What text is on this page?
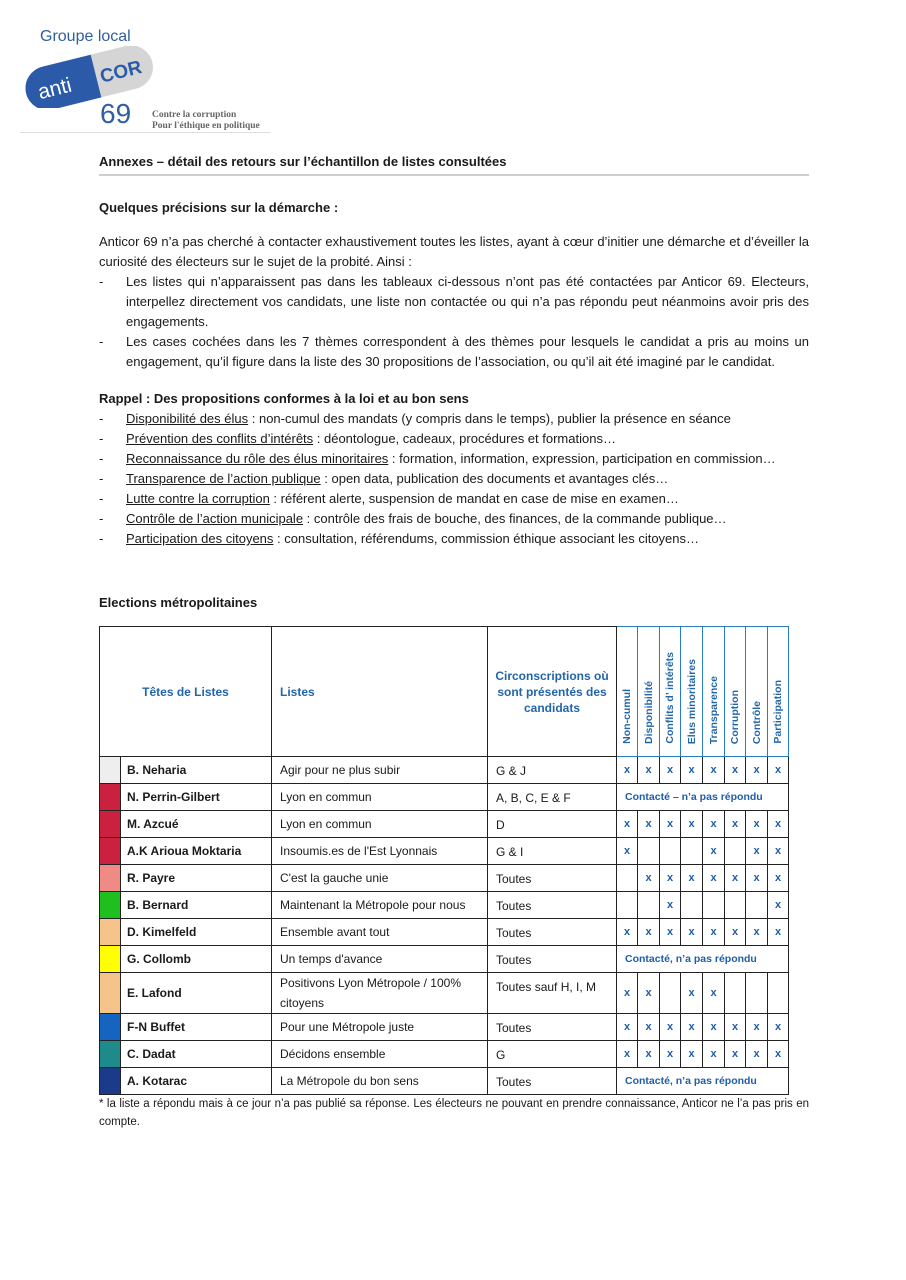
Groupe local
anti
COR
69 Contre la corruption
Pour l'éthique en politique
Annexes – détail des retours sur l’échantillon de listes consultées
Quelques précisions sur la démarche :

Anticor 69 n’a pas cherché à contacter exhaustivement toutes les listes, ayant à cœur d’initier une démarche et d’éveiller la curiosité des électeurs sur le sujet de la probité. Ainsi :

- Les listes qui n’apparaissent pas dans les tableaux ci-dessous n’ont pas été contactées par Anticor 69. Electeurs, interpellez directement vos candidats, une liste non contactée ou qui n’a pas répondu peut néanmoins avoir pris des engagements.
- Les cases cochées dans les 7 thèmes correspondent à des thèmes pour lesquels le candidat a pris au moins un engagement, qu’il figure dans la liste des 30 propositions de l’association, ou qu’il ait été imaginé par le candidat.
Rappel : Des propositions conformes à la loi et au bon sens
- Disponibilité des élus : non-cumul des mandats (y compris dans le temps), publier la présence en séance
- Prévention des conflits d’intérêts : déontologue, cadeaux, procédures et formations…
- Reconnaissance du rôle des élus minoritaires : formation, information, expression, participation en commission…
- Transparence de l’action publique : open data, publication des documents et avantages clés…
- Lutte contre la corruption : référent alerte, suspension de mandat en case de mise en examen…
- Contrôle de l’action municipale : contrôle des frais de bouche, des finances, de la commande publique…
- Participation des citoyens : consultation, référendums, commission éthique associant les citoyens…
Elections métropolitaines
Têtes de Listes		Listes	Circonscriptions où sont présentés des candidats	Non-cumul	Disponibilité	Conflits d’ intérêts	Elus minoritaires	Transparence	Corruption	Contrôle	Participation
	B. Neharia	Agir pour ne plus subir	G & J	x	x	x	x	x	x	x	x
	N. Perrin-Gilbert	Lyon en commun	A, B, C, E & F	Contacté – n’a pas répondu							
	M. Azcué	Lyon en commun	D	x	x	x	x	x	x	x	x
	A.K Arioua Moktaria	Insoumis.es de l'Est Lyonnais	G & I	x				x		x	x
	R. Payre	C'est la gauche unie	Toutes		x	x	x	x	x	x	x
	B. Bernard	Maintenant la Métropole pour nous	Toutes			x					x
	D. Kimelfeld	Ensemble avant tout	Toutes	x	x	x	x	x	x	x	x
	G. Collomb	Un temps d'avance	Toutes	Contacté, n’a pas répondu							
	E. Lafond	Positivons Lyon Métropole / 100% citoyens	Toutes sauf H, I, M	x	x		x	x			
	F-N Buffet	Pour une Métropole juste	Toutes	x	x	x	x	x	x	x	x
	C. Dadat	Décidons ensemble	G	x	x	x	x	x	x	x	x
	A. Kotarac	La Métropole du bon sens	Toutes	Contacté, n’a pas répondu							
* la liste a répondu mais à ce jour n’a pas publié sa réponse. Les électeurs ne pouvant en prendre connaissance, Anticor ne l’a pas pris en compte.
